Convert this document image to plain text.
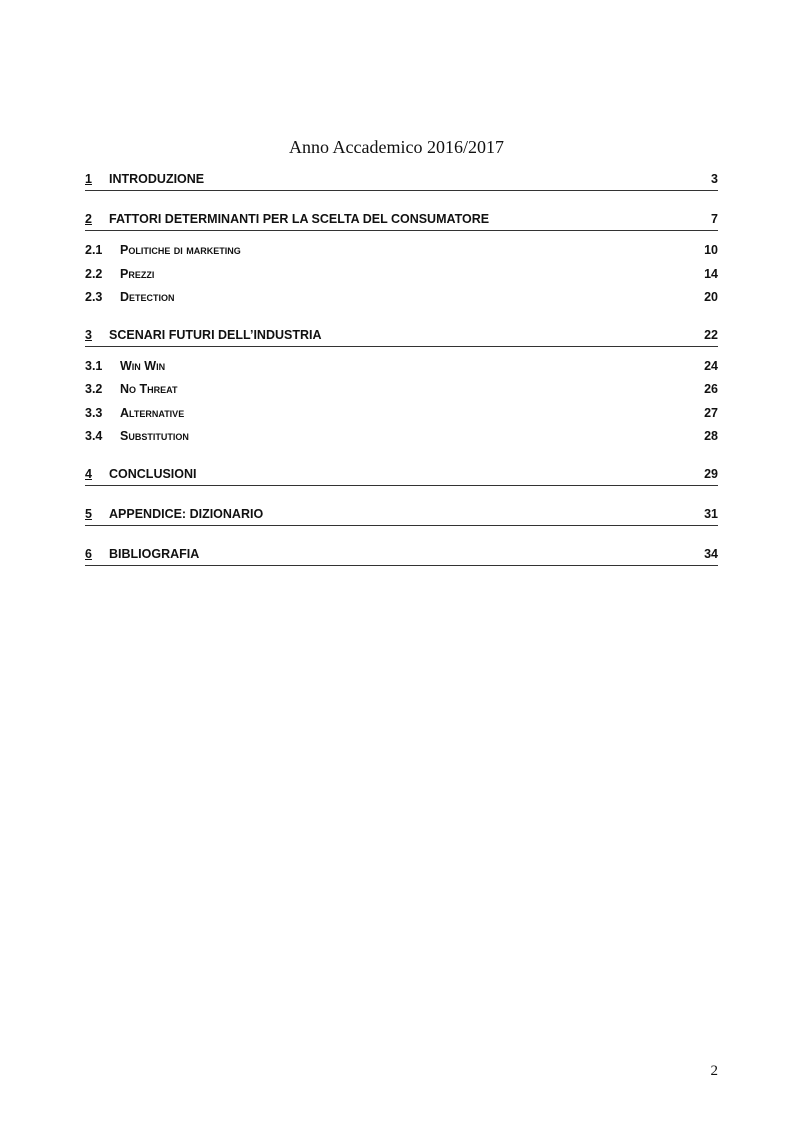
Anno Accademico 2016/2017
1	INTRODUZIONE	3
2	FATTORI DETERMINANTI PER LA SCELTA DEL CONSUMATORE	7
2.1	Politiche di marketing	10
2.2	Prezzi	14
2.3	Detection	20
3	SCENARI FUTURI DELL’INDUSTRIA	22
3.1	Win Win	24
3.2	No Threat	26
3.3	Alternative	27
3.4	Substitution	28
4	CONCLUSIONI	29
5	APPENDICE: DIZIONARIO	31
6	BIBLIOGRAFIA	34
2
